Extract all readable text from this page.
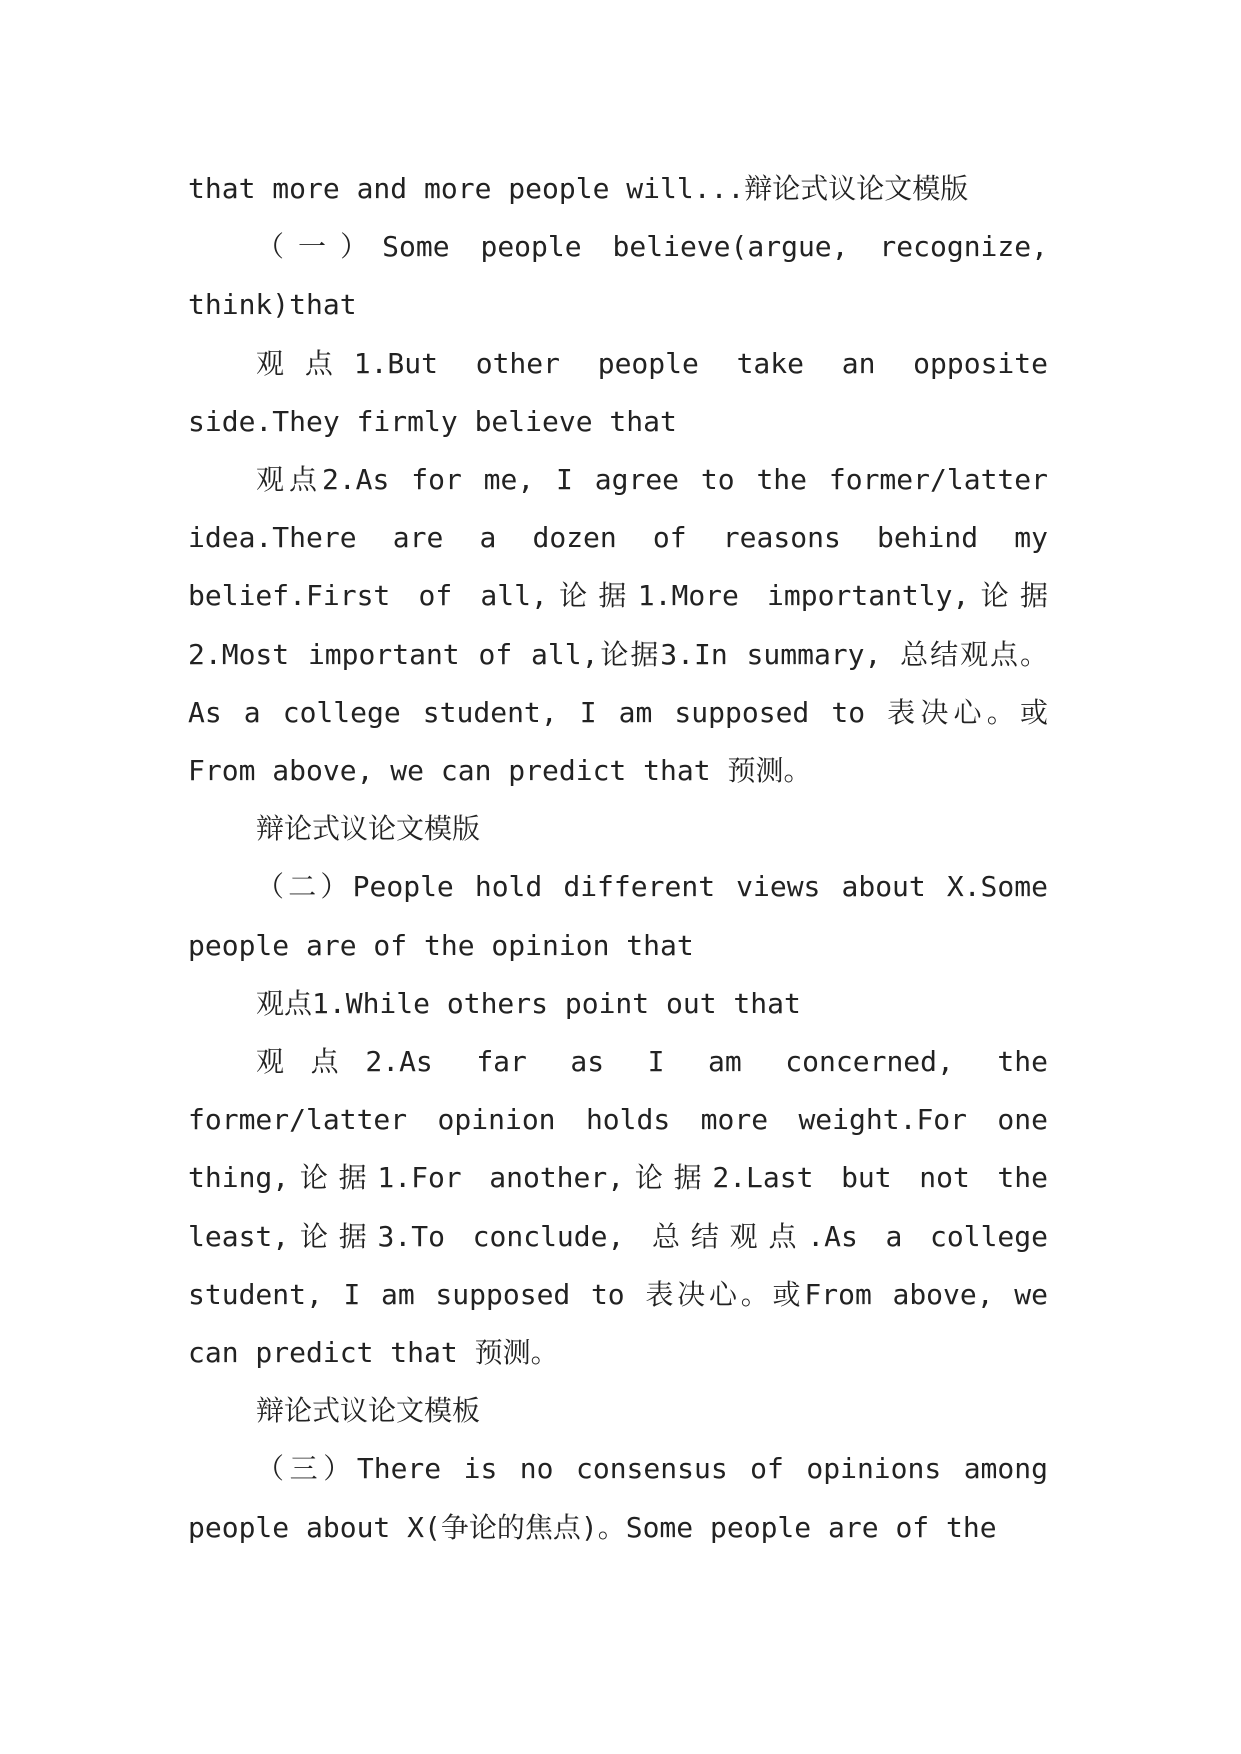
that more and more people will...辩论式议论文模版

（一）Some people believe(argue, recognize, think)that

观点1.But other people take an opposite side.They firmly believe that

观点2.As for me, I agree to the former/latter idea.There are a dozen of reasons behind my belief.First of all,论据1.More importantly,论据2.Most important of all,论据3.In summary, 总结观点。As a college student, I am supposed to 表决心。或From above, we can predict that 预测。

辩论式议论文模版

（二）People hold different views about X.Some people are of the opinion that

观点1.While others point out that

观点2.As far as I am concerned, the former/latter opinion holds more weight.For one thing,论据1.For another,论据2.Last but not the least,论据3.To conclude, 总结观点.As a college student, I am supposed to 表决心。或From above, we can predict that 预测。

辩论式议论文模板

（三）There is no consensus of opinions among people about X(争论的焦点)。Some people are of the
